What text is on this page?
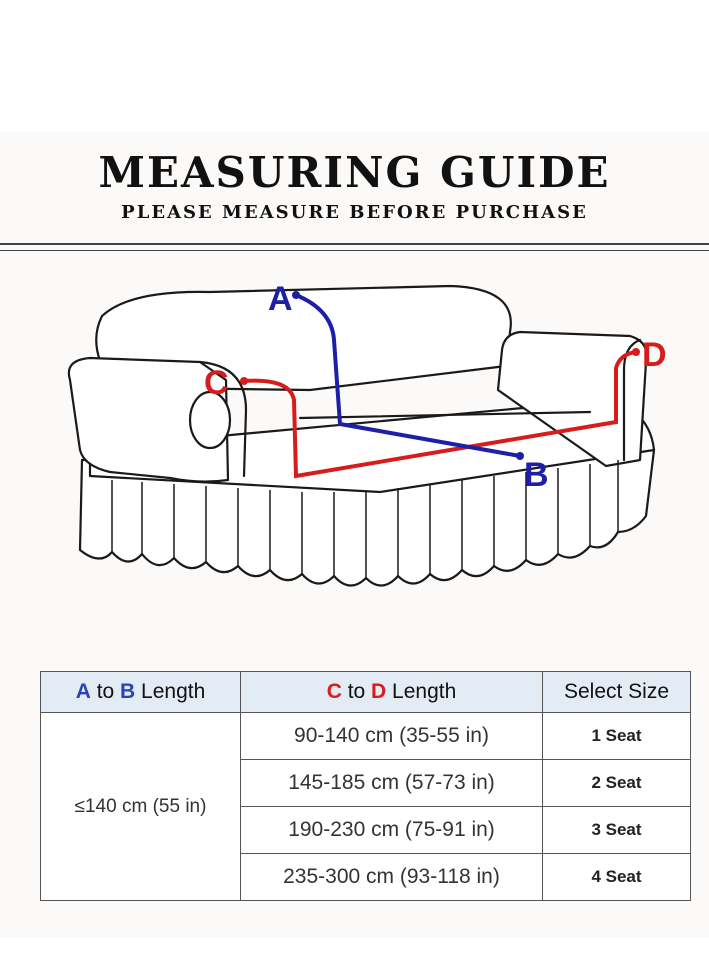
MEASURING GUIDE
PLEASE MEASURE BEFORE PURCHASE
A
B
C
D
A to B Length	C to D Length	Select Size
≤140 cm (55 in)	90-140 cm (35-55 in)	1 Seat
	145-185 cm (57-73 in)	2 Seat
	190-230 cm (75-91 in)	3 Seat
	235-300 cm (93-118 in)	4 Seat
